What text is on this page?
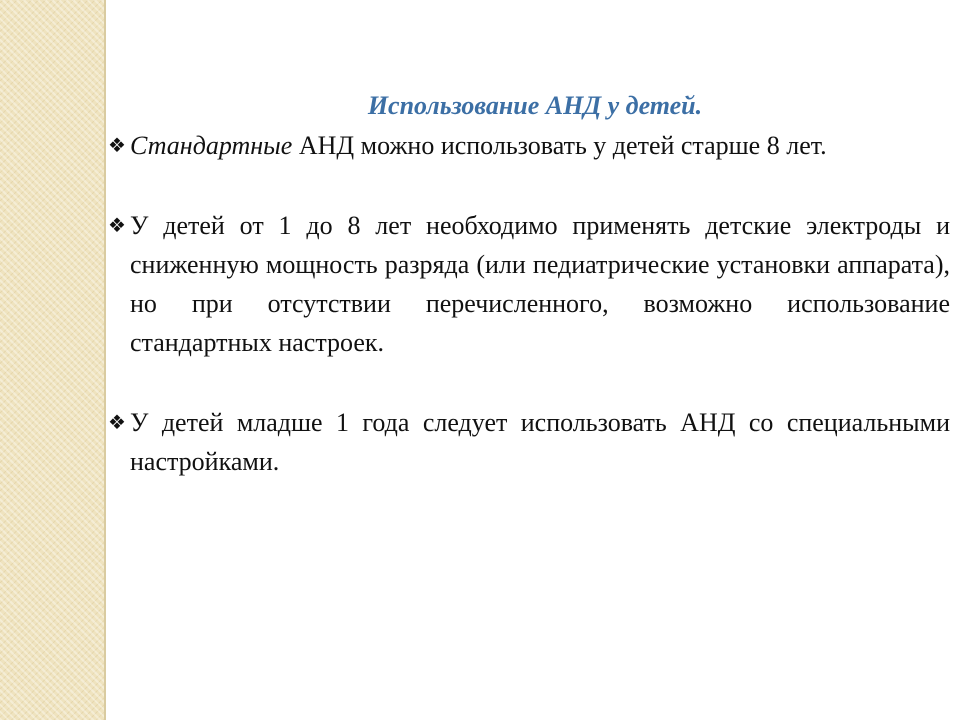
Использование АНД у детей.
❖ Стандартные АНД можно использовать у детей старше 8 лет.
❖ У детей от 1 до 8 лет необходимо применять детские электроды и сниженную мощность разряда (или педиатрические установки аппарата), но при отсутствии перечисленного, возможно использование стандартных настроек.
❖ У детей младше 1 года следует использовать АНД со специальными настройками.
